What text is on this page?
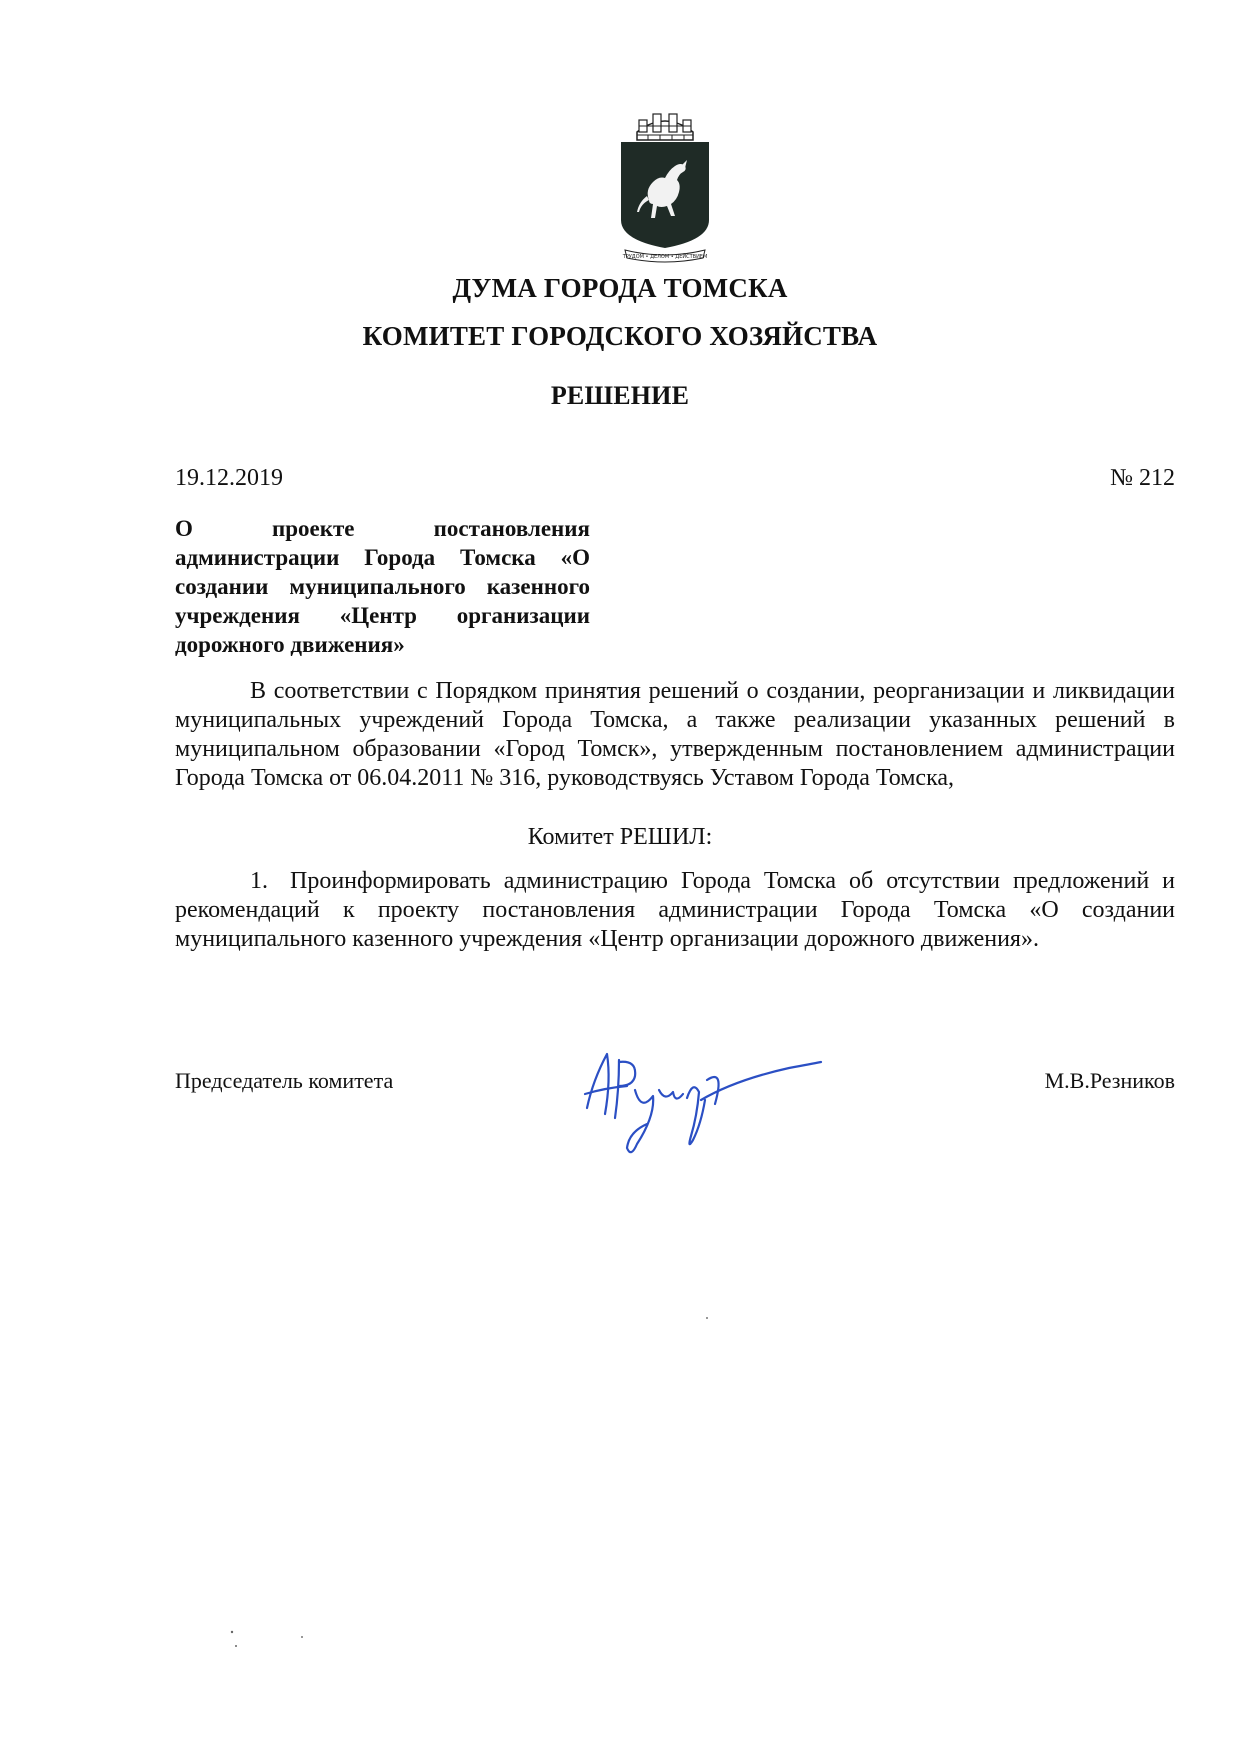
ТРУДОМ • ДЕЛОМ • ДЕЙСТВИЕМ
ДУМА ГОРОДА ТОМСКА
КОМИТЕТ ГОРОДСКОГО ХОЗЯЙСТВА
РЕШЕНИЕ
19.12.2019	№ 212
О проекте постановления администрации Города Томска «О создании муниципального казенного учреждения «Центр организации дорожного движения»
В соответствии с Порядком принятия решений о создании, реорганизации и ликвидации муниципальных учреждений Города Томска, а также реализации указанных решений в муниципальном образовании «Город Томск», утвержденным постановлением администрации Города Томска от 06.04.2011 № 316, руководствуясь Уставом Города Томска,
Комитет РЕШИЛ:
1. Проинформировать администрацию Города Томска об отсутствии предложений и рекомендаций к проекту постановления администрации Города Томска «О создании муниципального казенного учреждения «Центр организации дорожного движения».
Председатель комитета	М.В.Резников
